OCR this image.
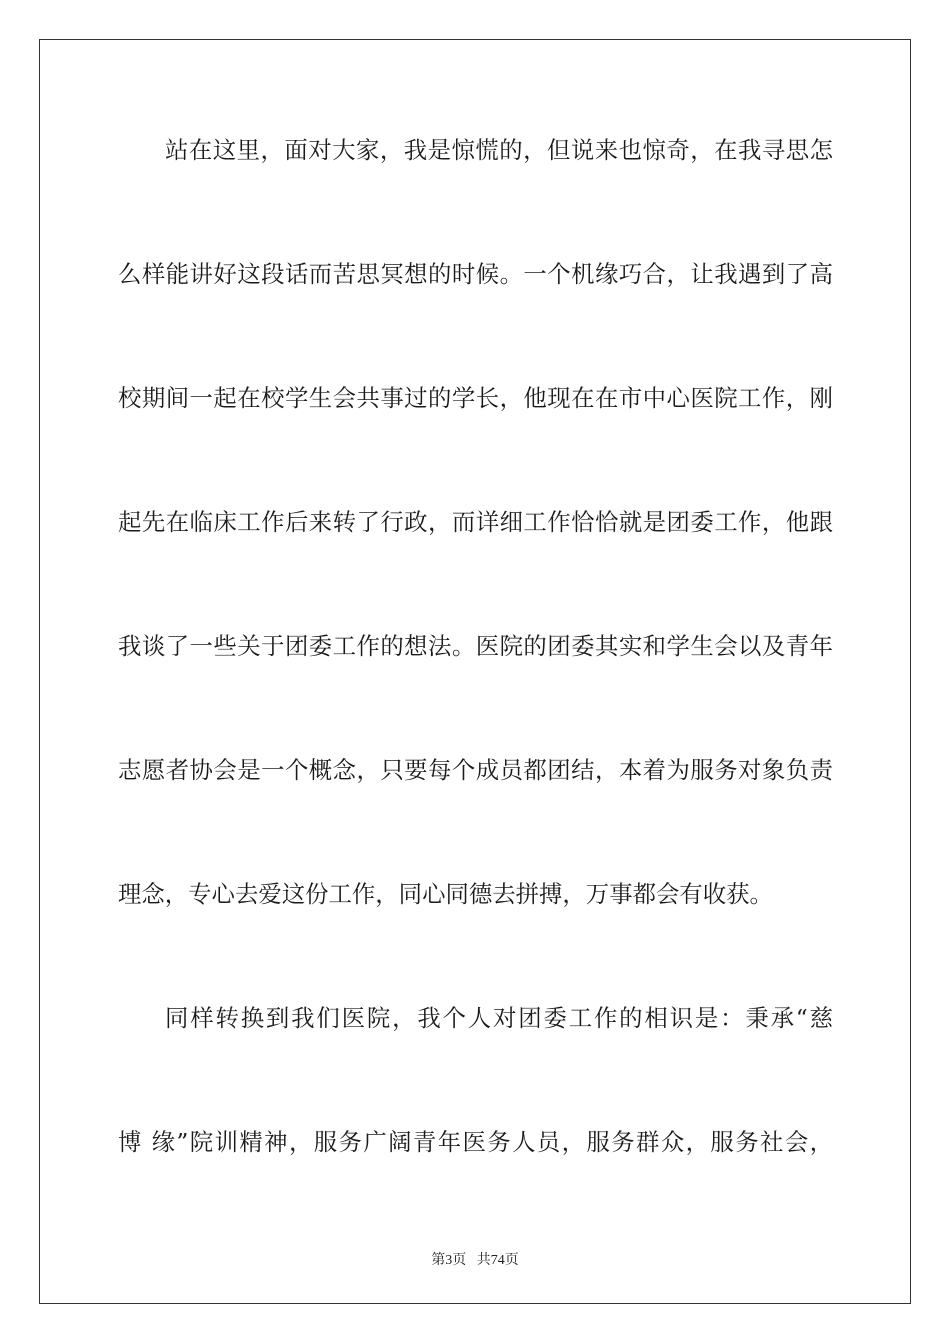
站在这里，面对大家，我是惊慌的，但说来也惊奇，在我寻思怎
么样能讲好这段话而苦思冥想的时候。一个机缘巧合，让我遇到了高
校期间一起在校学生会共事过的学长，他现在在市中心医院工作，刚
起先在临床工作后来转了行政，而详细工作恰恰就是团委工作，他跟
我谈了一些关于团委工作的想法。医院的团委其实和学生会以及青年
志愿者协会是一个概念，只要每个成员都团结，本着为服务对象负责
理念，专心去爱这份工作，同心同德去拼搏，万事都会有收获。
同样转换到我们医院，我个人对团委工作的相识是：秉承“慈
博 缘”院训精神，服务广阔青年医务人员，服务群众，服务社会，
第3页 共74页
